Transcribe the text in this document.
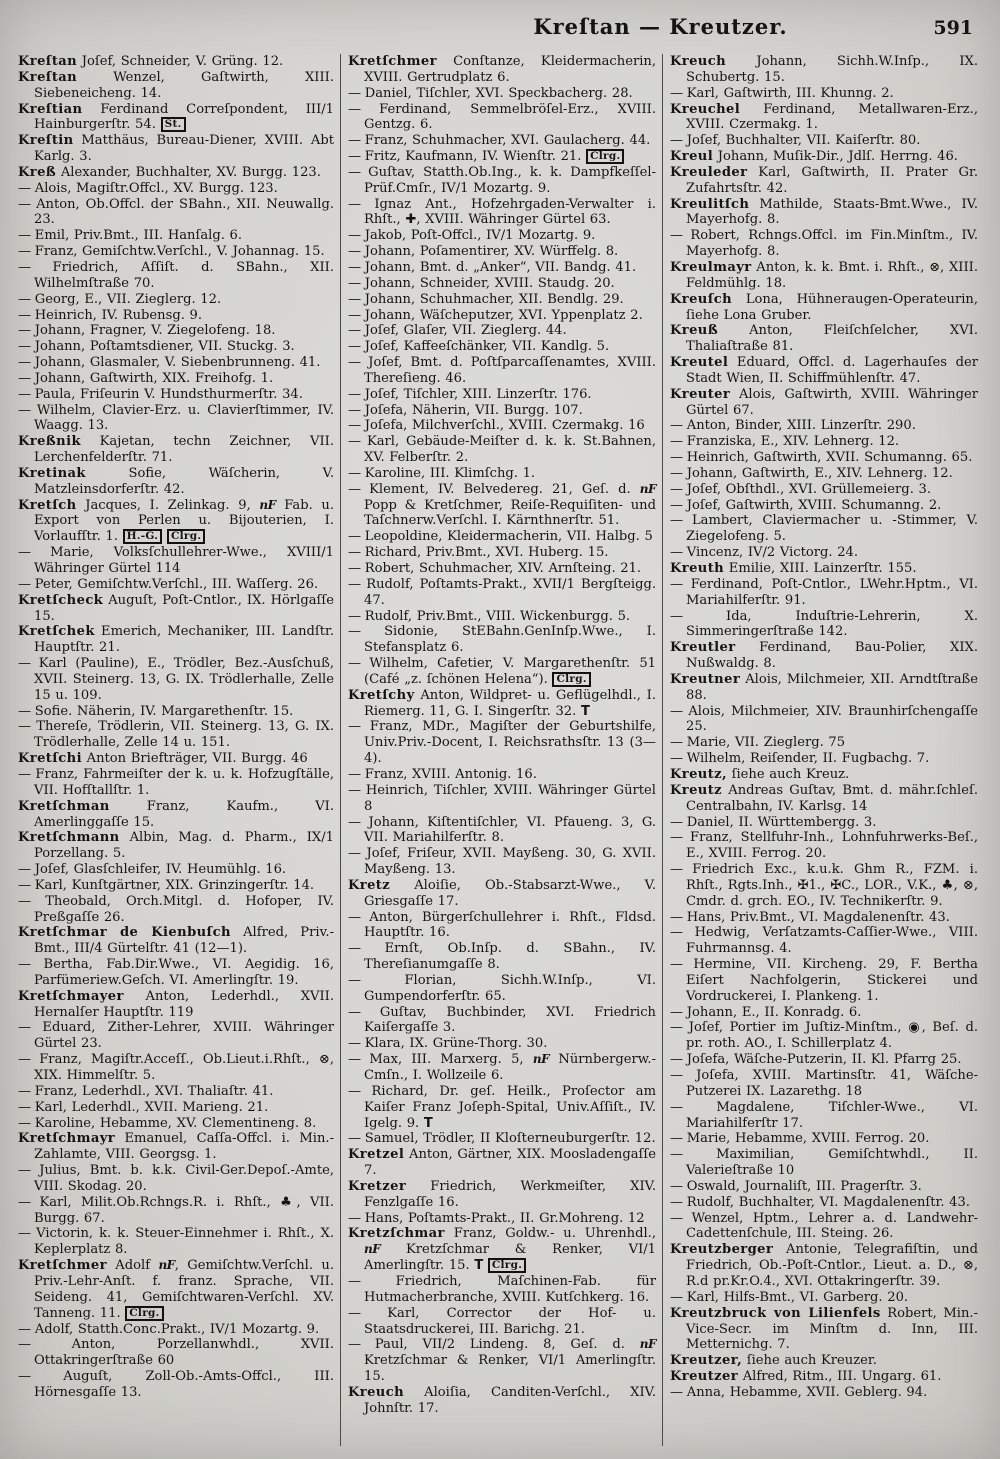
Kreſtan — Kreutzer.	591
Kreſtan Joſef, Schneider, V. Grüng. 12.
Kreſtan Wenzel, Gaſtwirth, XIII. Siebeneicheng. 14.
Kreſtian Ferdinand Correſpondent, III/1 Hainburgerſtr. 54. St.
Kreſtin Matthäus, Bureau-Diener, XVIII. Abt Karlg. 3.
Kreß Alexander, Buchhalter, XV. Burgg. 123.
— Alois, Magiſtr.Offcl., XV. Burgg. 123.
— Anton, Ob.Offcl. der SBahn., XII. Neuwallg. 23.
— Emil, Priv.Bmt., III. Hanſalg. 6.
— Franz, Gemiſchtw.Verſchl., V. Johannag. 15.
— Friedrich, Aſſiſt. d. SBahn., XII. Wilhelmſtraße 70.
— Georg, E., VII. Zieglerg. 12.
— Heinrich, IV. Rubensg. 9.
— Johann, Fragner, V. Ziegelofeng. 18.
— Johann, Poſtamtsdiener, VII. Stuckg. 3.
— Johann, Glasmaler, V. Siebenbrunneng. 41.
— Johann, Gaſtwirth, XIX. Freihofg. 1.
— Paula, Friſeurin V. Hundsthurmerſtr. 34.
— Wilhelm, Clavier-Erz. u. Clavierſtimmer, IV. Waagg. 13.
Kreßnik Kajetan, techn Zeichner, VII. Lerchenfelderſtr. 71.
Kretinak Sofie, Wäſcherin, V. Matzleinsdorferſtr. 42.
Kretſch Jacques, I. Zelinkag. 9, nF Fab. u. Export von Perlen u. Bijouterien, I. Vorlaufſtr. 1. H.-G. Clrg.
— Marie, Volksſchullehrer-Wwe., XVIII/1 Währinger Gürtel 114
— Peter, Gemiſchtw.Verſchl., III. Waſſerg. 26.
Kretſcheck Auguſt, Poſt-Cntlor., IX. Hörlgaſſe 15.
Kretſchek Emerich, Mechaniker, III. Landſtr. Hauptſtr. 21.
— Karl (Pauline), E., Trödler, Bez.-Ausſchuß, XVII. Steinerg. 13, G. IX. Trödlerhalle, Zelle 15 u. 109.
— Sofie. Näherin, IV. Margarethenſtr. 15.
— Thereſe, Trödlerin, VII. Steinerg. 13, G. IX. Trödlerhalle, Zelle 14 u. 151.
Kretſchi Anton Briefträger, VII. Burgg. 46
— Franz, Fahrmeiſter der k. u. k. Hofzugſtälle, VII. Hofſtallſtr. 1.
Kretſchman Franz, Kaufm., VI. Amerlinggaſſe 15.
Kretſchmann Albin, Mag. d. Pharm., IX/1 Porzellang. 5.
— Joſef, Glasſchleifer, IV. Heumühlg. 16.
— Karl, Kunſtgärtner, XIX. Grinzingerſtr. 14.
— Theobald, Orch.Mitgl. d. Hofoper, IV. Preßgaſſe 26.
Kretſchmar de Kienbuſch Alfred, Priv.-Bmt., III/4 Gürtelſtr. 41 (12—1).
— Bertha, Fab.Dir.Wwe., VI. Aegidig. 16, Parfümeriew.Geſch. VI. Amerlingſtr. 19.
Kretſchmayer Anton, Lederhdl., XVII. Hernalſer Hauptſtr. 119
— Eduard, Zither-Lehrer, XVIII. Währinger Gürtel 23.
— Franz, Magiſtr.Acceſſ., Ob.Lieut.i.Rhſt., ⊗, XIX. Himmelſtr. 5.
— Franz, Lederhdl., XVI. Thaliaſtr. 41.
— Karl, Lederhdl., XVII. Marieng. 21.
— Karoline, Hebamme, XV. Clementineng. 8.
Kretſchmayr Emanuel, Caſſa-Offcl. i. Min.-Zahlamte, VIII. Georgsg. 1.
— Julius, Bmt. b. k.k. Civil-Ger.Depoſ.-Amte, VIII. Skodag. 20.
— Karl, Milit.Ob.Rchngs.R. i. Rhſt., ♣, VII. Burgg. 67.
— Victorin, k. k. Steuer-Einnehmer i. Rhſt., X. Keplerplatz 8.
Kretſchmer Adolf nF, Gemiſchtw.Verſchl. u. Priv.-Lehr-Anſt. f. franz. Sprache, VII. Seideng. 41, Gemiſchtwaren-Verſchl. XV. Tanneng. 11. Clrg.
— Adolf, Statth.Conc.Prakt., IV/1 Mozartg. 9.
— Anton, Porzellanwhdl., XVII. Ottakringerſtraße 60
— Auguſt, Zoll-Ob.-Amts-Offcl., III. Hörnesgaſſe 13.
Kretſchmer Conſtanze, Kleidermacherin, XVIII. Gertrudplatz 6.
— Daniel, Tiſchler, XVI. Speckbacherg. 28.
— Ferdinand, Semmelbröſel-Erz., XVIII. Gentzg. 6.
— Franz, Schuhmacher, XVI. Gaulacherg. 44.
— Fritz, Kaufmann, IV. Wienſtr. 21. Clrg.
— Guſtav, Statth.Ob.Ing., k. k. Dampfkeſſel-Prüf.Cmſr., IV/1 Mozartg. 9.
— Ignaz Ant., Hofzehrgaden-Verwalter i. Rhſt., ✚, XVIII. Währinger Gürtel 63.
— Jakob, Poſt-Offcl., IV/1 Mozartg. 9.
— Johann, Poſamentirer, XV. Würffelg. 8.
— Johann, Bmt. d. „Anker“, VII. Bandg. 41.
— Johann, Schneider, XVIII. Staudg. 20.
— Johann, Schuhmacher, XII. Bendlg. 29.
— Johann, Wäſcheputzer, XVI. Yppenplatz 2.
— Joſef, Glaſer, VII. Zieglerg. 44.
— Joſef, Kaffeeſchänker, VII. Kandlg. 5.
— Joſef, Bmt. d. Poſtſparcaſſenamtes, XVIII. Thereſieng. 46.
— Joſef, Tiſchler, XIII. Linzerſtr. 176.
— Joſefa, Näherin, VII. Burgg. 107.
— Joſefa, Milchverſchl., XVIII. Czermakg. 16
— Karl, Gebäude-Meiſter d. k. k. St.Bahnen, XV. Felberſtr. 2.
— Karoline, III. Klimſchg. 1.
— Klement, IV. Belvedereg. 21, Geſ. d. nF Popp & Kretſchmer, Reiſe-Requiſiten- und Taſchnerw.Verſchl. I. Kärnthnerſtr. 51.
— Leopoldine, Kleidermacherin, VII. Halbg. 5
— Richard, Priv.Bmt., XVI. Huberg. 15.
— Robert, Schuhmacher, XIV. Arnſteing. 21.
— Rudolf, Poſtamts-Prakt., XVII/1 Bergſteigg. 47.
— Rudolf, Priv.Bmt., VIII. Wickenburgg. 5.
— Sidonie, StEBahn.GenInſp.Wwe., I. Stefansplatz 6.
— Wilhelm, Cafetier, V. Margarethenſtr. 51 (Café „z. ſchönen Helena“). Clrg.
Kretſchy Anton, Wildpret- u. Geflügelhdl., I. Riemerg. 11, G. I. Singerſtr. 32. T
— Franz, MDr., Magiſter der Geburtshilfe, Univ.Priv.-Docent, I. Reichsrathsſtr. 13 (3—4).
— Franz, XVIII. Antonig. 16.
— Heinrich, Tiſchler, XVIII. Währinger Gürtel 8
— Johann, Kiſtentiſchler, VI. Pfaueng. 3, G. VII. Mariahilferſtr. 8.
— Joſef, Friſeur, XVII. Mayßeng. 30, G. XVII. Mayßeng. 13.
Kretz Aloiſie, Ob.-Stabsarzt-Wwe., V. Griesgaſſe 17.
— Anton, Bürgerſchullehrer i. Rhſt., Fldsd. Hauptſtr. 16.
— Ernſt, Ob.Inſp. d. SBahn., IV. Thereſianumgaſſe 8.
— Florian, Sichh.W.Inſp., VI. Gumpendorferſtr. 65.
— Guſtav, Buchbinder, XVI. Friedrich Kaiſergaſſe 3.
— Klara, IX. Grüne-Thorg. 30.
— Max, III. Marxerg. 5, nF Nürnbergerw.-Cmſn., I. Wollzeile 6.
— Richard, Dr. geſ. Heilk., Proſector am Kaiſer Franz Joſeph-Spital, Univ.Aſſiſt., IV. Igelg. 9. T
— Samuel, Trödler, II Kloſterneuburgerſtr. 12.
Kretzel Anton, Gärtner, XIX. Moosladengaſſe 7.
Kretzer Friedrich, Werkmeiſter, XIV. Fenzlgaſſe 16.
— Hans, Poſtamts-Prakt., II. Gr.Mohreng. 12
Kretzſchmar Franz, Goldw.- u. Uhrenhdl., nF Kretzſchmar & Renker, VI/1 Amerlingſtr. 15. T Clrg.
— Friedrich, Maſchinen-Fab. für Hutmacherbranche, XVIII. Kutſchkerg. 16.
— Karl, Corrector der Hof- u. Staatsdruckerei, III. Barichg. 21.
— Paul, VII/2 Lindeng. 8, Geſ. d. nF Kretzſchmar & Renker, VI/1 Amerlingſtr. 15.
Kreuch Aloiſia, Canditen-Verſchl., XIV. Johnſtr. 17.
Kreuch Johann, Sichh.W.Inſp., IX. Schubertg. 15.
— Karl, Gaſtwirth, III. Khunng. 2.
Kreuchel Ferdinand, Metallwaren-Erz., XVIII. Czermakg. 1.
— Joſef, Buchhalter, VII. Kaiſerſtr. 80.
Kreul Johann, Muſik-Dir., Jdlſ. Herrng. 46.
Kreuleder Karl, Gaſtwirth, II. Prater Gr. Zufahrtsſtr. 42.
Kreulitſch Mathilde, Staats-Bmt.Wwe., IV. Mayerhofg. 8.
— Robert, Rchngs.Offcl. im Fin.Minſtm., IV. Mayerhofg. 8.
Kreulmayr Anton, k. k. Bmt. i. Rhſt., ⊗, XIII. Feldmühlg. 18.
Kreuſch Lona, Hühneraugen-Operateurin, ſiehe Lona Gruber.
Kreuß Anton, Fleiſchſelcher, XVI. Thaliaſtraße 81.
Kreutel Eduard, Offcl. d. Lagerhauſes der Stadt Wien, II. Schiffmühlenſtr. 47.
Kreuter Alois, Gaſtwirth, XVIII. Währinger Gürtel 67.
— Anton, Binder, XIII. Linzerſtr. 290.
— Franziska, E., XIV. Lehnerg. 12.
— Heinrich, Gaſtwirth, XVII. Schumanng. 65.
— Johann, Gaſtwirth, E., XIV. Lehnerg. 12.
— Joſef, Obſthdl., XVI. Grüllemeierg. 3.
— Joſef, Gaſtwirth, XVIII. Schumanng. 2.
— Lambert, Claviermacher u. -Stimmer, V. Ziegelofeng. 5.
— Vincenz, IV/2 Victorg. 24.
Kreuth Emilie, XIII. Lainzerſtr. 155.
— Ferdinand, Poſt-Cntlor., LWehr.Hptm., VI. Mariahilferſtr. 91.
— Ida, Induſtrie-Lehrerin, X. Simmeringerſtraße 142.
Kreutler Ferdinand, Bau-Polier, XIX. Nußwaldg. 8.
Kreutner Alois, Milchmeier, XII. Arndtſtraße 88.
— Alois, Milchmeier, XIV. Braunhirſchengaſſe 25.
— Marie, VII. Zieglerg. 75
— Wilhelm, Reiſender, II. Fugbachg. 7.
Kreutz, ſiehe auch Kreuz.
Kreutz Andreas Guſtav, Bmt. d. mähr.ſchleſ. Centralbahn, IV. Karlsg. 14
— Daniel, II. Württembergg. 3.
— Franz, Stellfuhr-Inh., Lohnfuhrwerks-Beſ., E., XVIII. Ferrog. 20.
— Friedrich Exc., k.u.k. Ghm R., FZM. i. Rhſt., Rgts.Inh., ✠1., ✠C., LOR., V.K., ♣, ⊗, Cmdr. d. grch. EO., IV. Technikerſtr. 9.
— Hans, Priv.Bmt., VI. Magdalenenſtr. 43.
— Hedwig, Verſatzamts-Caſſier-Wwe., VIII. Fuhrmannsg. 4.
— Hermine, VII. Kircheng. 29, F. Bertha Eiſert Nachfolgerin, Stickerei und Vordruckerei, I. Plankeng. 1.
— Johann, E., II. Konradg. 6.
— Joſef, Portier im Juſtiz-Minſtm., ◉, Beſ. d. pr. roth. AO., I. Schillerplatz 4.
— Joſefa, Wäſche-Putzerin, II. Kl. Pfarrg 25.
— Joſefa, XVIII. Martinsſtr. 41, Wäſche-Putzerei IX. Lazarethg. 18
— Magdalene, Tiſchler-Wwe., VI. Mariahilferſtr 17.
— Marie, Hebamme, XVIII. Ferrog. 20.
— Maximilian, Gemiſchtwhdl., II. Valerieſtraße 10
— Oswald, Journaliſt, III. Pragerſtr. 3.
— Rudolf, Buchhalter, VI. Magdalenenſtr. 43.
— Wenzel, Hptm., Lehrer a. d. Landwehr-Cadettenſchule, III. Steing. 26.
Kreutzberger Antonie, Telegrafiſtin, und Friedrich, Ob.-Poſt-Cntlor., Lieut. a. D., ⊗, R.d pr.Kr.O.4., XVI. Ottakringerſtr. 39.
— Karl, Hilfs-Bmt., VI. Garberg. 20.
Kreutzbruck von Lilienfels Robert, Min.-Vice-Secr. im Minſtm d. Inn, III. Metternichg. 7.
Kreutzer, ſiehe auch Kreuzer.
Kreutzer Alfred, Ritm., III. Ungarg. 61.
— Anna, Hebamme, XVII. Geblerg. 94.
